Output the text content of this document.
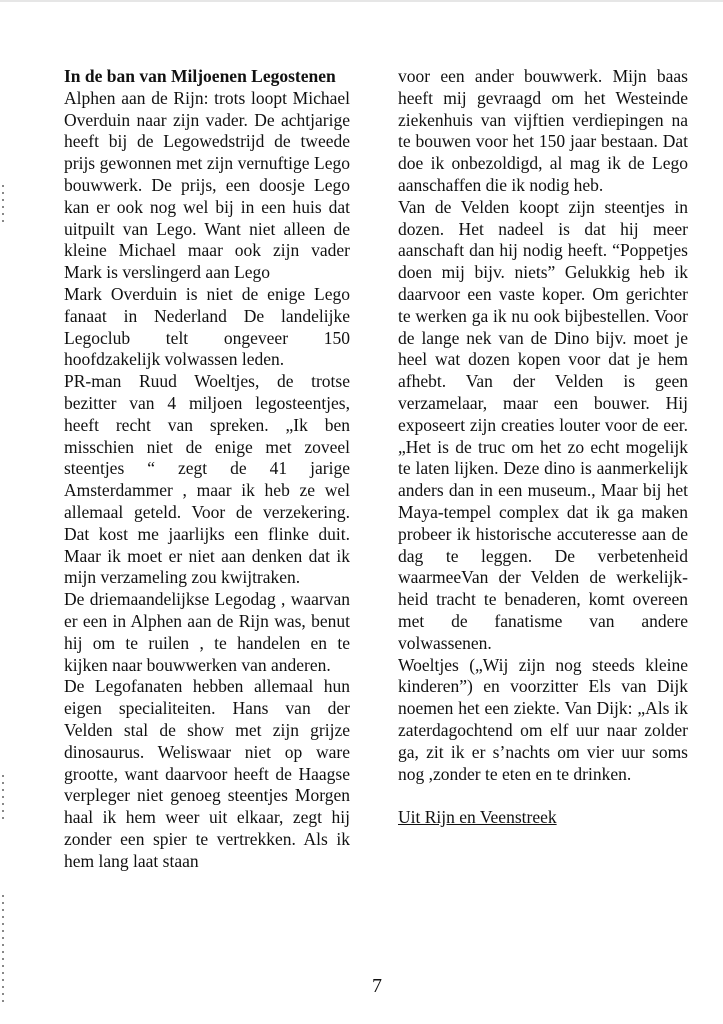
In de ban van Miljoenen Legostenen

Alphen aan de Rijn: trots loopt Michael Overduin naar zijn vader. De achtjarige heeft bij de Legowedstrijd de tweede prijs gewonnen met zijn vernuftige Lego bouwwerk. De prijs, een doosje Lego kan er ook nog wel bij in een huis dat uitpuilt van Lego. Want niet alleen de kleine Michael maar ook zijn vader Mark is verslingerd aan Lego

Mark Overduin is niet de enige Lego fanaat in Nederland De landelijke Legoclub telt ongeveer 150 hoofdzakelijk volwassen leden.

PR-man Ruud Woeltjes, de trotse bezitter van 4 miljoen legosteentjes, heeft recht van spreken. „Ik ben misschien niet de enige met zoveel steentjes “ zegt de 41 jarige Amsterdammer , maar ik heb ze wel allemaal geteld. Voor de verzekering. Dat kost me jaarlijks een flinke duit. Maar ik moet er niet aan denken dat ik mijn verzameling zou kwijtraken.

De driemaandelijkse Legodag , waarvan er een in Alphen aan de Rijn was, benut hij om te ruilen , te handelen en te kijken naar bouwwerken van anderen.

De Legofanaten hebben allemaal hun eigen specialiteiten. Hans van der Velden stal de show met zijn grijze dinosaurus. Weliswaar niet op ware grootte, want daarvoor heeft de Haagse verpleger niet genoeg steentjes Morgen haal ik hem weer uit elkaar, zegt hij zonder een spier te vertrekken. Als ik hem lang laat staan

voor een ander bouwwerk. Mijn baas heeft mij gevraagd om het Westeinde ziekenhuis van vijftien verdiepingen na te bouwen voor het 150 jaar bestaan. Dat doe ik onbezoldigd, al mag ik de Lego aanschaffen die ik nodig heb.

Van de Velden koopt zijn steentjes in dozen. Het nadeel is dat hij meer aanschaft dan hij nodig heeft. “Poppetjes doen mij bijv. niets” Gelukkig heb ik daarvoor een vaste koper. Om gerichter te werken ga ik nu ook bijbestellen. Voor de lange nek van de Dino bijv. moet je heel wat dozen kopen voor dat je hem afhebt. Van der Velden is geen verzamelaar, maar een bouwer. Hij exposeert zijn creaties louter voor de eer. „Het is de truc om het zo echt mogelijk te laten lijken. Deze dino is aanmerkelijk anders dan in een museum., Maar bij het Maya-tempel complex dat ik ga maken probeer ik historische accuteresse aan de dag te leggen. De verbetenheid waarmeeVan der Velden de werkelijk-heid tracht te benaderen, komt overeen met de fanatisme van andere volwassenen.

Woeltjes („Wij zijn nog steeds kleine kinderen”) en voorzitter Els van Dijk noemen het een ziekte. Van Dijk: „Als ik zaterdagochtend om elf uur naar zolder ga, zit ik er s’nachts om vier uur soms nog ,zonder te eten en te drinken.

Uit Rijn en Veenstreek

7
